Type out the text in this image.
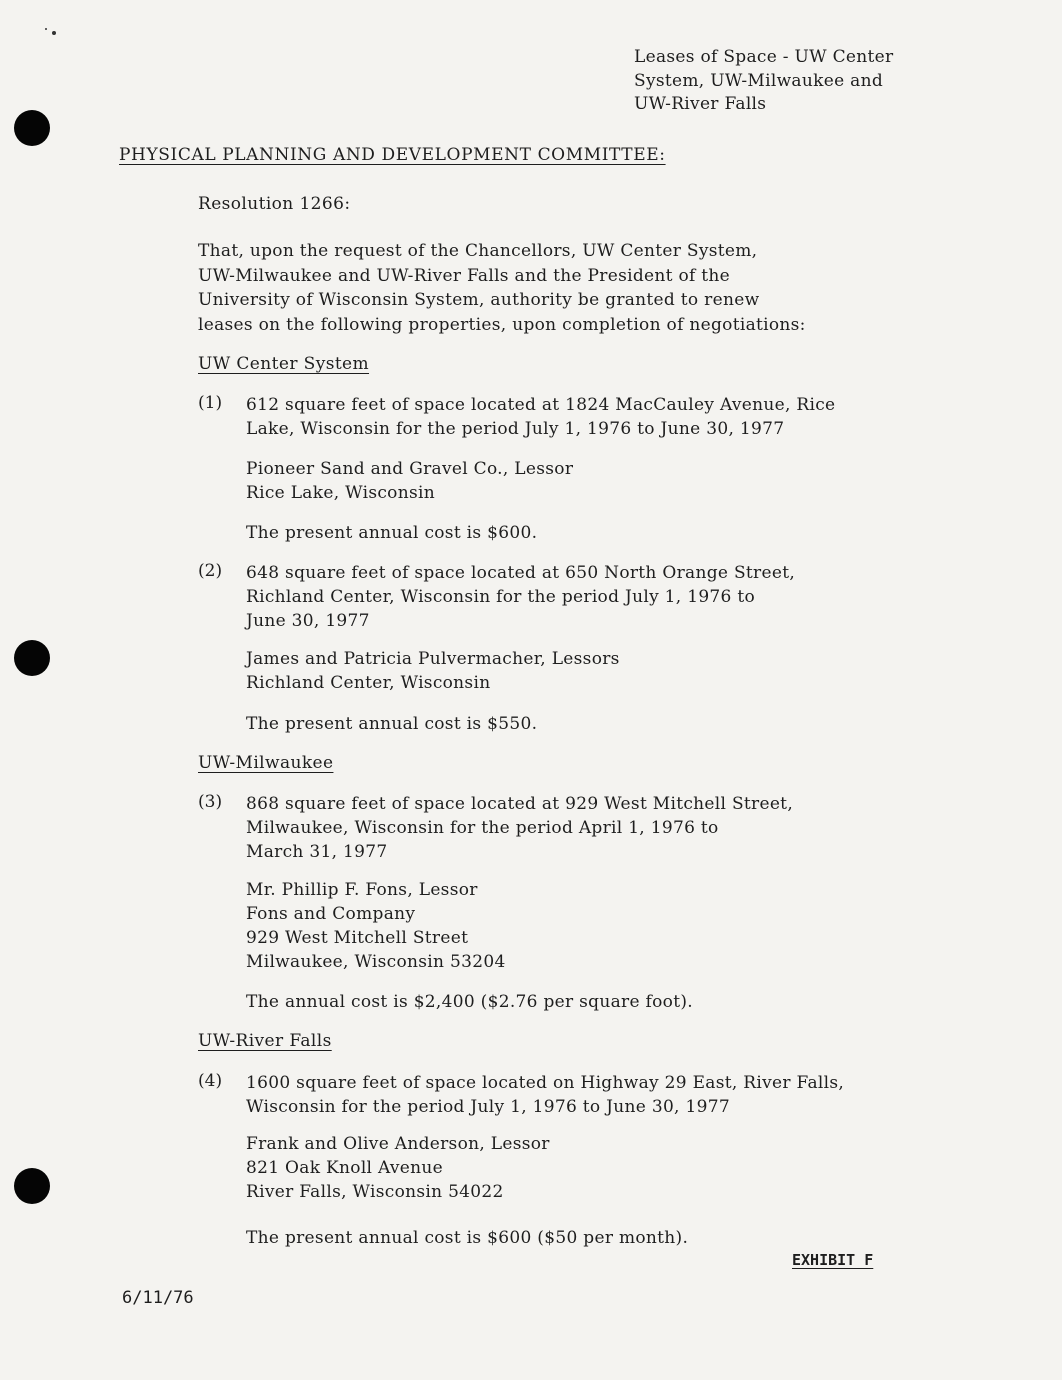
Leases of Space - UW Center
System, UW-Milwaukee and
UW-River Falls
PHYSICAL PLANNING AND DEVELOPMENT COMMITTEE:
Resolution 1266:
That, upon the request of the Chancellors, UW Center System,
UW-Milwaukee and UW-River Falls and the President of the
University of Wisconsin System, authority be granted to renew
leases on the following properties, upon completion of negotiations:
UW Center System
(1) 612 square feet of space located at 1824 MacCauley Avenue, Rice
Lake, Wisconsin for the period July 1, 1976 to June 30, 1977
Pioneer Sand and Gravel Co., Lessor
Rice Lake, Wisconsin
The present annual cost is $600.
(2) 648 square feet of space located at 650 North Orange Street,
Richland Center, Wisconsin for the period July 1, 1976 to
June 30, 1977
James and Patricia Pulvermacher, Lessors
Richland Center, Wisconsin
The present annual cost is $550.
UW-Milwaukee
(3) 868 square feet of space located at 929 West Mitchell Street,
Milwaukee, Wisconsin for the period April 1, 1976 to
March 31, 1977
Mr. Phillip F. Fons, Lessor
Fons and Company
929 West Mitchell Street
Milwaukee, Wisconsin 53204
The annual cost is $2,400 ($2.76 per square foot).
UW-River Falls
(4) 1600 square feet of space located on Highway 29 East, River Falls,
Wisconsin for the period July 1, 1976 to June 30, 1977
Frank and Olive Anderson, Lessor
821 Oak Knoll Avenue
River Falls, Wisconsin 54022
The present annual cost is $600 ($50 per month).
EXHIBIT F
6/11/76
